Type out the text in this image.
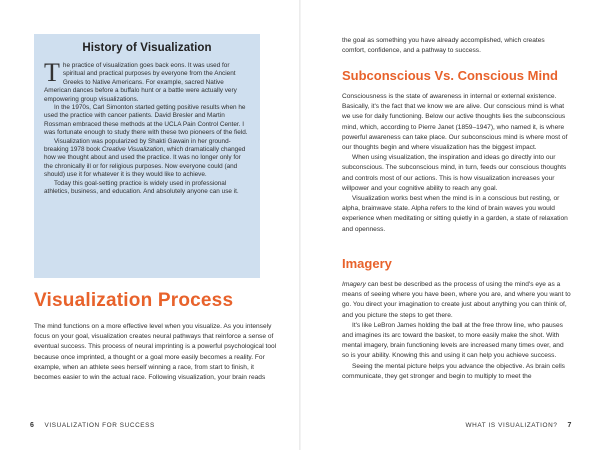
History of Visualization

The practice of visualization goes back eons. It was used for spiritual and practical purposes by everyone from the Ancient Greeks to Native Americans. For example, sacred Native American dances before a buffalo hunt or a battle were actually very empowering group visualizations.

In the 1970s, Carl Simonton started getting positive results when he used the practice with cancer patients. David Bresler and Martin Rossman embraced these methods at the UCLA Pain Control Center. I was fortunate enough to study there with these two pioneers of the field.

Visualization was popularized by Shakti Gawain in her ground-breaking 1978 book Creative Visualization, which dramatically changed how we thought about and used the practice. It was no longer only for the chronically ill or for religious purposes. Now everyone could (and should) use it for whatever it is they would like to achieve.

Today this goal-setting practice is widely used in professional athletics, business, and education. And absolutely anyone can use it.

Visualization Process

The mind functions on a more effective level when you visualize. As you intensely focus on your goal, visualization creates neural pathways that reinforce a sense of eventual success. This process of neural imprinting is a powerful psychological tool because once imprinted, a thought or a goal more easily becomes a reality. For example, when an athlete sees herself winning a race, from start to finish, it becomes easier to win the actual race. Following visualization, your brain reads

6 VISUALIZATION FOR SUCCESS

the goal as something you have already accomplished, which creates comfort, confidence, and a pathway to success.

Subconscious Vs. Conscious Mind

Consciousness is the state of awareness in internal or external existence. Basically, it's the fact that we know we are alive. Our conscious mind is what we use for daily functioning. Below our active thoughts lies the subconscious mind, which, according to Pierre Janet (1859–1947), who named it, is where powerful awareness can take place. Our subconscious mind is where most of our thoughts begin and where visualization has the biggest impact.

When using visualization, the inspiration and ideas go directly into our subconscious. The subconscious mind, in turn, feeds our conscious thoughts and controls most of our actions. This is how visualization increases your willpower and your cognitive ability to reach any goal.

Visualization works best when the mind is in a conscious but resting, or alpha, brainwave state. Alpha refers to the kind of brain waves you would experience when meditating or sitting quietly in a garden, a state of relaxation and openness.

Imagery

Imagery can best be described as the process of using the mind's eye as a means of seeing where you have been, where you are, and where you want to go. You direct your imagination to create just about anything you can think of, and you picture the steps to get there.

It's like LeBron James holding the ball at the free throw line, who pauses and imagines its arc toward the basket, to more easily make the shot. With mental imagery, brain functioning levels are increased many times over, and so is your ability. Knowing this and using it can help you achieve success.

Seeing the mental picture helps you advance the objective. As brain cells communicate, they get stronger and begin to multiply to meet the

WHAT IS VISUALIZATION? 7
